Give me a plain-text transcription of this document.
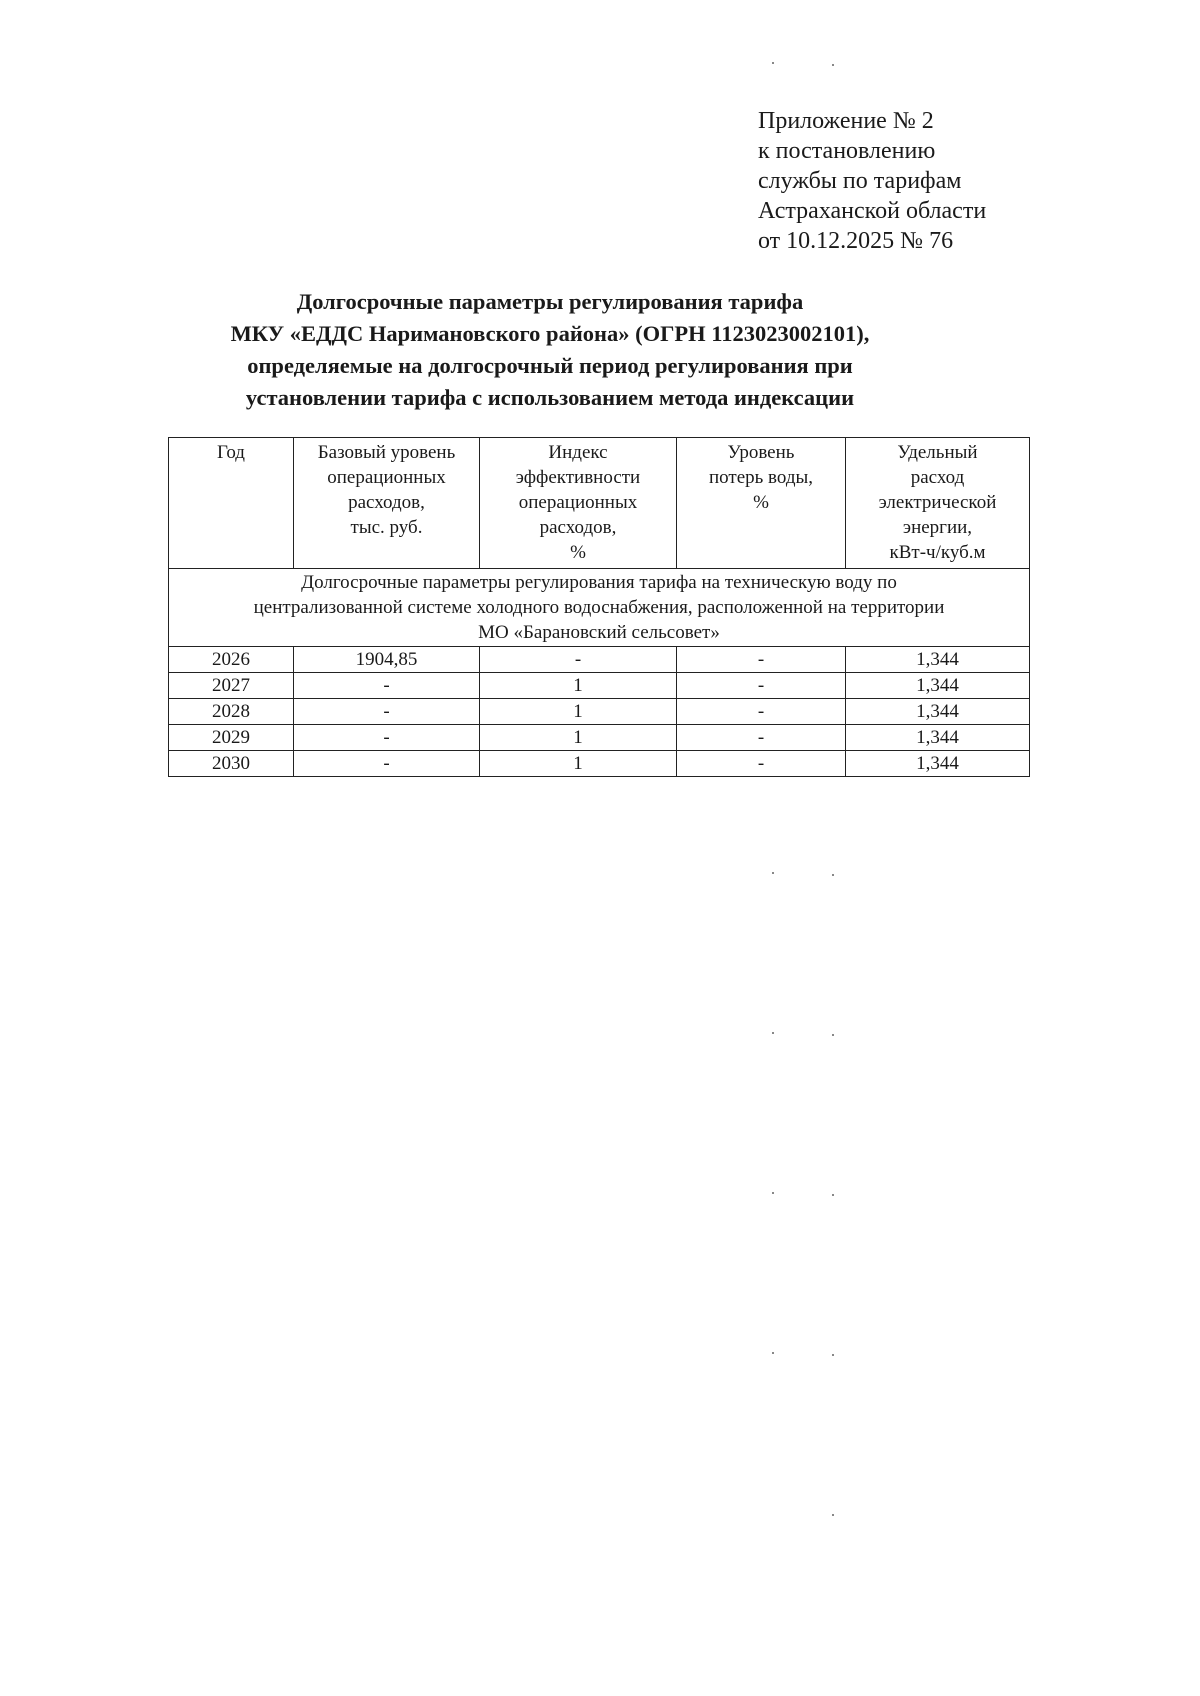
Приложение № 2
к постановлению
службы по тарифам
Астраханской области
от 10.12.2025 № 76
Долгосрочные параметры регулирования тарифа
МКУ «ЕДДС Наримановского района» (ОГРН 1123023002101),
определяемые на долгосрочный период регулирования при
установлении тарифа с использованием метода индексации
Год	Базовый уровень
операционных
расходов,
тыс. руб.	Индекс
эффективности
операционных
расходов,
%	Уровень
потерь воды,
%	Удельный
расход
электрической
энергии,
кВт-ч/куб.м

Долгосрочные параметры регулирования тарифа на техническую воду по
централизованной системе холодного водоснабжения, расположенной на территории
МО «Барановский сельсовет»				

2026	1904,85	-	-	1,344
2027	-	1	-	1,344
2028	-	1	-	1,344
2029	-	1	-	1,344
2030	-	1	-	1,344
